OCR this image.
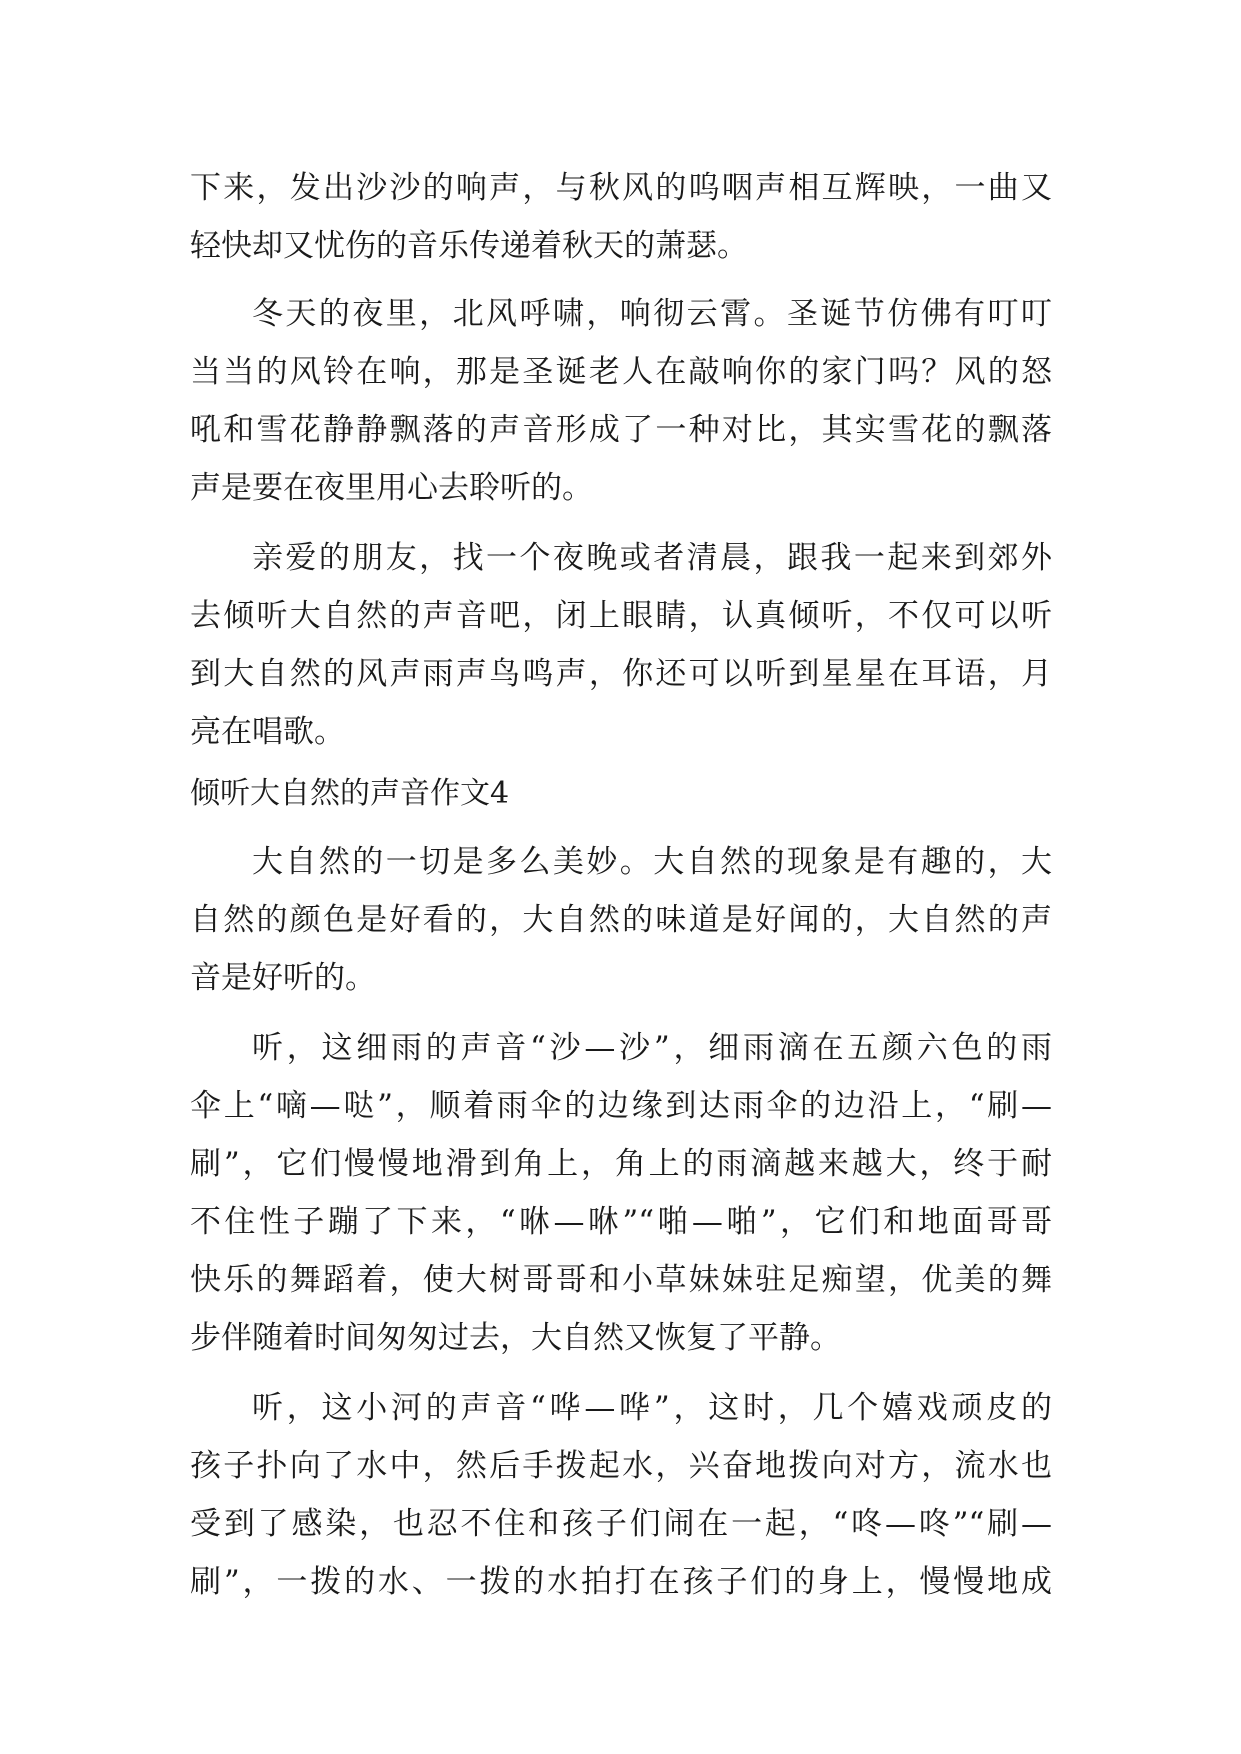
下来，发出沙沙的响声，与秋风的呜咽声相互辉映，一曲又
轻快却又忧伤的音乐传递着秋天的萧瑟。
冬天的夜里，北风呼啸，响彻云霄。圣诞节仿佛有叮叮
当当的风铃在响，那是圣诞老人在敲响你的家门吗？风的怒
吼和雪花静静飘落的声音形成了一种对比，其实雪花的飘落
声是要在夜里用心去聆听的。
亲爱的朋友，找一个夜晚或者清晨，跟我一起来到郊外
去倾听大自然的声音吧，闭上眼睛，认真倾听，不仅可以听
到大自然的风声雨声鸟鸣声，你还可以听到星星在耳语，月
亮在唱歌。
倾听大自然的声音作文4
大自然的一切是多么美妙。大自然的现象是有趣的，大
自然的颜色是好看的，大自然的味道是好闻的，大自然的声
音是好听的。
听，这细雨的声音“沙—沙”，细雨滴在五颜六色的雨
伞上“嘀—哒”，顺着雨伞的边缘到达雨伞的边沿上，“刷—
刷”，它们慢慢地滑到角上，角上的雨滴越来越大，终于耐
不住性子蹦了下来，“咻—咻”“啪—啪”，它们和地面哥哥
快乐的舞蹈着，使大树哥哥和小草妹妹驻足痴望，优美的舞
步伴随着时间匆匆过去，大自然又恢复了平静。
听，这小河的声音“哗—哗”，这时，几个嬉戏顽皮的
孩子扑向了水中，然后手拨起水，兴奋地拨向对方，流水也
受到了感染，也忍不住和孩子们闹在一起，“咚—咚”“刷—
刷”，一拨的水、一拨的水拍打在孩子们的身上，慢慢地成
